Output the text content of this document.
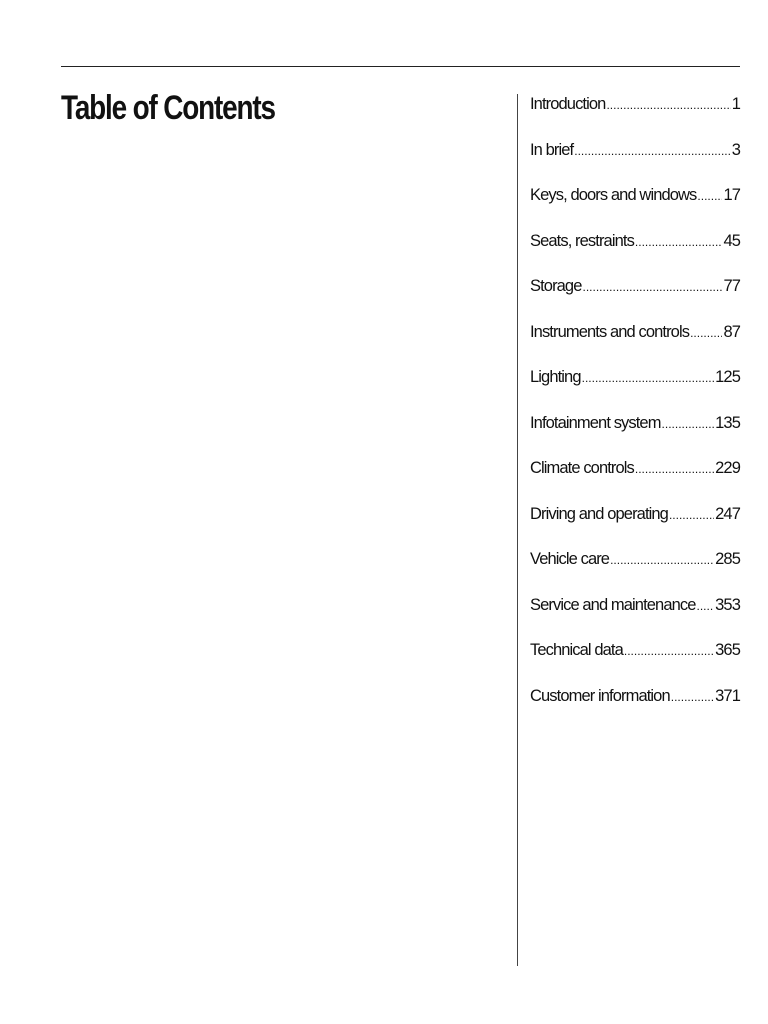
Table of Contents	Introduction .....	1
In brief .....	3
Keys, doors and windows ..... 17
Seats, restraints .....	45
Storage .....	77
Instruments and controls ..... 87
Lighting .....	125
Infotainment system .....	135
Climate controls .....	229
Driving and operating .....	247
Vehicle care .....	285
Service and maintenance ..... 353
Technical data .....	365
Customer information .....	371
